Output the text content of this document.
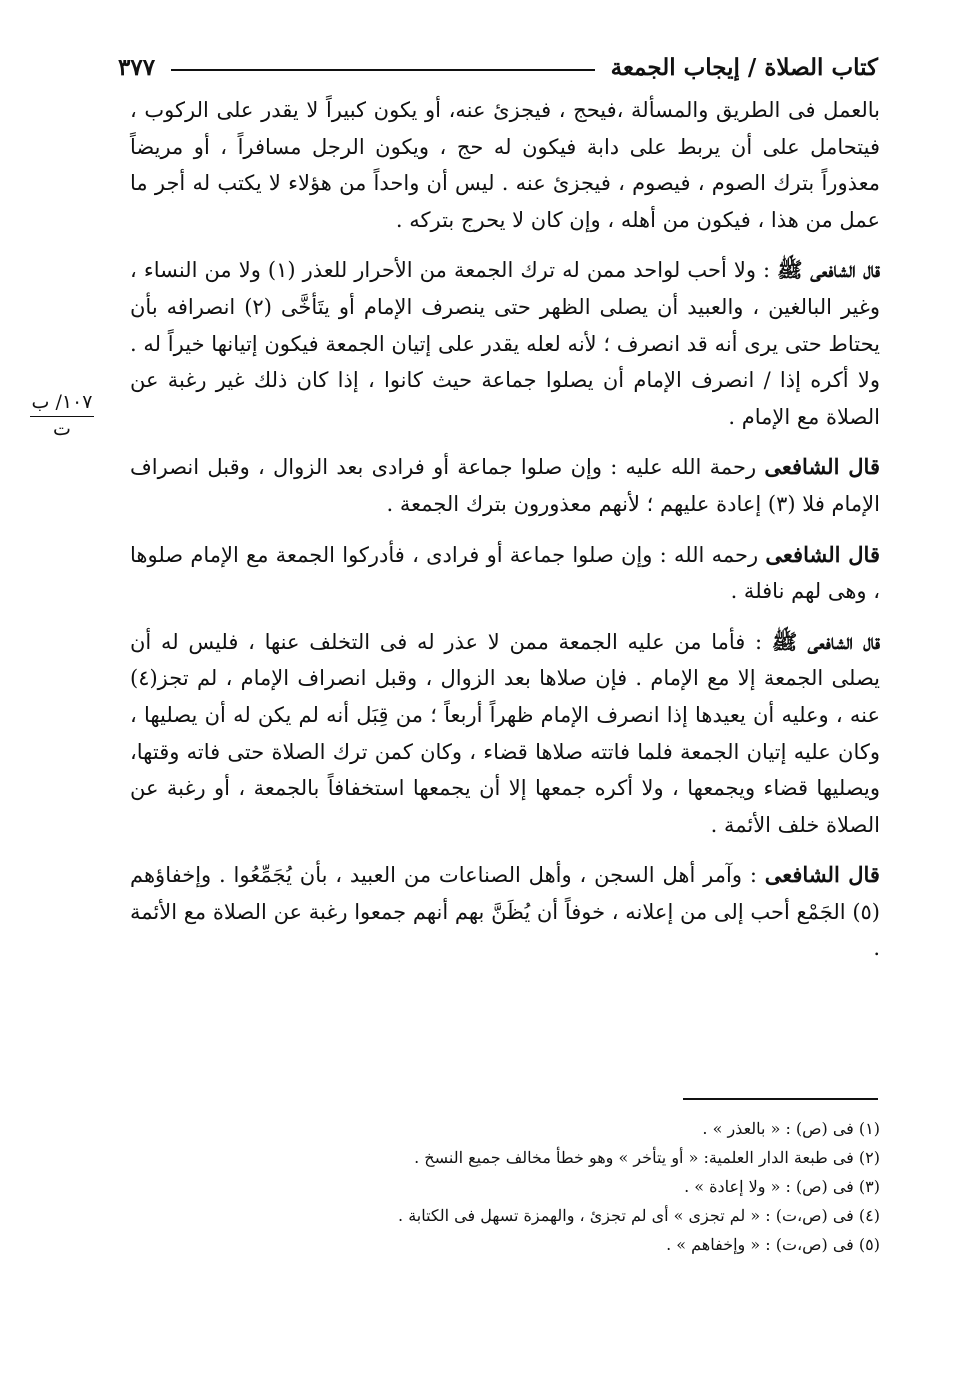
كتاب الصلاة / إيجاب الجمعة
٣٧٧
١٠٧/ ب
ت

بالعمل فى الطريق والمسألة ،فيحج ، فيجزئ عنه، أو يكون كبيراً لا يقدر على الركوب ، فيتحامل على أن يربط على دابة فيكون له حج ، ويكون الرجل مسافراً ، أو مريضاً معذوراً بترك الصوم ، فيصوم ، فيجزئ عنه . ليس أن واحداً من هؤلاء لا يكتب له أجر ما عمل من هذا ، فيكون من أهله ، وإن كان لا يحرج بتركه .

قال الشافعى ﷺ : ولا أحب لواحد ممن له ترك الجمعة من الأحرار للعذر (١) ولا من النساء ، وغير البالغين ، والعبيد أن يصلى الظهر حتى ينصرف الإمام أو يتَأخَّى (٢) انصرافه بأن يحتاط حتى يرى أنه قد انصرف ؛ لأنه لعله يقدر على إتيان الجمعة فيكون إتيانها خيراً له . ولا أكره إذا / انصرف الإمام أن يصلوا جماعة حيث كانوا ، إذا كان ذلك غير رغبة عن الصلاة مع الإمام .

قال الشافعى رحمة الله عليه : وإن صلوا جماعة أو فرادى بعد الزوال ، وقبل انصراف الإمام فلا (٣) إعادة عليهم ؛ لأنهم معذورون بترك الجمعة .

قال الشافعى رحمه الله : وإن صلوا جماعة أو فرادى ، فأدركوا الجمعة مع الإمام صلوها ، وهى لهم نافلة .

قال الشافعى ﷺ : فأما من عليه الجمعة ممن لا عذر له فى التخلف عنها ، فليس له أن يصلى الجمعة إلا مع الإمام . فإن صلاها بعد الزوال ، وقبل انصراف الإمام ، لم تجز(٤) عنه ، وعليه أن يعيدها إذا انصرف الإمام ظهراً أربعاً ؛ من قِبَل أنه لم يكن له أن يصليها ، وكان عليه إتيان الجمعة فلما فاتته صلاها قضاء ، وكان كمن ترك الصلاة حتى فاته وقتها، ويصليها قضاء ويجمعها ، ولا أكره جمعها إلا أن يجمعها استخفافاً بالجمعة ، أو رغبة عن الصلاة خلف الأئمة .

قال الشافعى : وآمر أهل السجن ، وأهل الصناعات من العبيد ، بأن يُجَمِّعُوا . وإخفاؤهم (٥) الجَمْع أحب إلى من إعلانه ، خوفاً أن يُظَنَّ بهم أنهم جمعوا رغبة عن الصلاة مع الأئمة .

(١) فى (ص) : « بالعذر » .

(٢) فى طبعة الدار العلمية: « أو يتأخر » وهو خطأ مخالف جميع النسخ .

(٣) فى (ص) : « ولا إعادة » .

(٤) فى (ص،ت) : « لم تجزى » أى لم تجزئ ، والهمزة تسهل فى الكتابة .

(٥) فى (ص،ت) : « وإخفاهم » .
